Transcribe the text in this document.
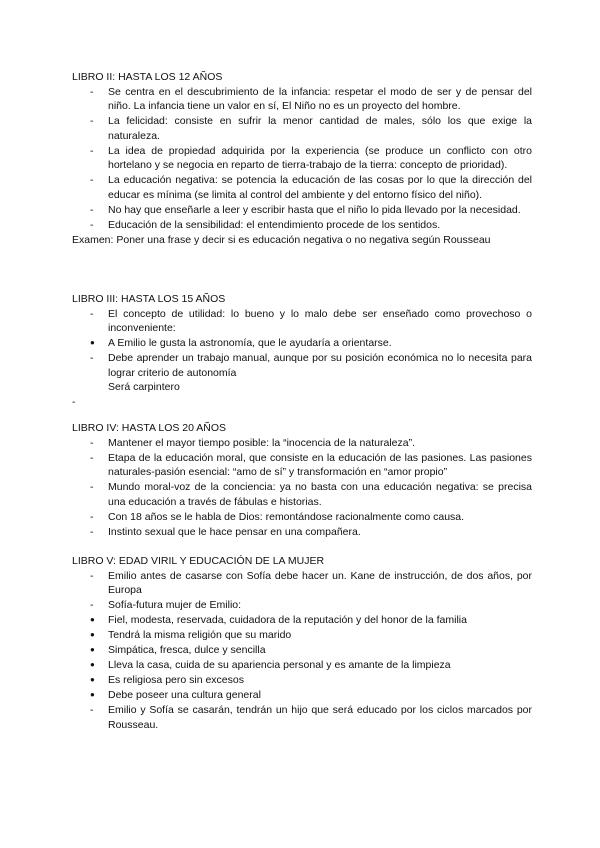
LIBRO II: HASTA LOS 12 AÑOS
-	Se centra en el descubrimiento de la infancia: respetar el modo de ser y de pensar del niño. La infancia tiene un valor en sí, El Niño no es un proyecto del hombre.
-	La felicidad: consiste en sufrir la menor cantidad de males, sólo los que exige la naturaleza.
-	La idea de propiedad adquirida por la experiencia (se produce un conflicto con otro hortelano y se negocia en reparto de tierra-trabajo de la tierra: concepto de prioridad).
-	La educación negativa: se potencia la educación de las cosas por lo que la dirección del educar es mínima (se limita al control del ambiente y del entorno físico del niño).
-	No hay que enseñarle a leer y escribir hasta que el niño lo pida llevado por la necesidad.
-	Educación de la sensibilidad: el entendimiento procede de los sentidos.

Examen: Poner una frase y decir si es educación negativa o no negativa según Rousseau

LIBRO III: HASTA LOS 15 AÑOS
-	El concepto de utilidad: lo bueno y lo malo debe ser enseñado como provechoso o inconveniente:
●	A Emilio le gusta la astronomía, que le ayudaría a orientarse.
-	Debe aprender un trabajo manual, aunque por su posición económica no lo necesita para lograr criterio de autonomía
Será carpintero

-

LIBRO IV: HASTA LOS 20 AÑOS
-	Mantener el mayor tiempo posible: la “inocencia de la naturaleza”.
-	Etapa de la educación moral, que consiste en la educación de las pasiones. Las pasiones naturales-pasión esencial: “amo de sí” y transformación en “amor propio”
-	Mundo moral-voz de la conciencia: ya no basta con una educación negativa: se precisa una educación a través de fábulas e historias.
-	Con 18 años se le habla de Dios: remontándose racionalmente como causa.
-	Instinto sexual que le hace pensar en una compañera.
LIBRO V: EDAD VIRIL Y EDUCACIÓN DE LA MUJER
-	Emilio antes de casarse con Sofía debe hacer un. Kane de instrucción, de dos años, por Europa
-	Sofía-futura mujer de Emilio:
●	Fiel, modesta, reservada, cuidadora de la reputación y del honor de la familia
●	Tendrá la misma religión que su marido
●	Simpática, fresca, dulce y sencilla
●	Lleva la casa, cuida de su apariencia personal y es amante de la limpieza
●	Es religiosa pero sin excesos
●	Debe poseer una cultura general
-	Emilio y Sofía se casarán, tendrán un hijo que será educado por los ciclos marcados por Rousseau.
